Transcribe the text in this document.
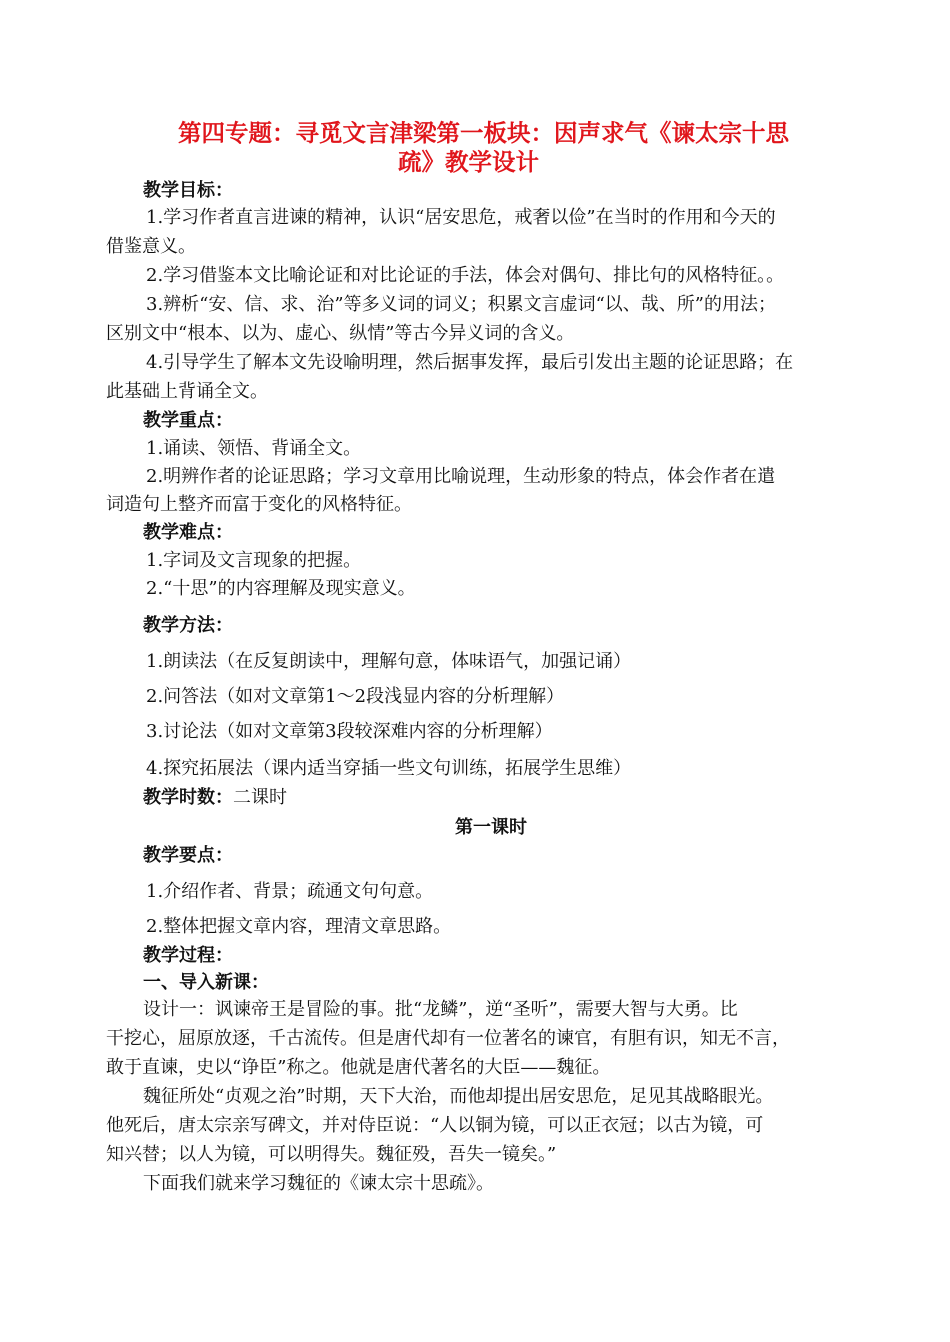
第四专题：寻觅文言津梁第一板块：因声求气《谏太宗十思
疏》教学设计
教学目标：
1.学习作者直言进谏的精神，认识“居安思危，戒奢以俭”在当时的作用和今天的
借鉴意义。
2.学习借鉴本文比喻论证和对比论证的手法，体会对偶句、排比句的风格特征。。
3.辨析“安、信、求、治”等多义词的词义；积累文言虚词“以、哉、所”的用法；
区别文中“根本、以为、虚心、纵情”等古今异义词的含义。
4.引导学生了解本文先设喻明理，然后据事发挥，最后引发出主题的论证思路；在
此基础上背诵全文。
教学重点：
1.诵读、领悟、背诵全文。
2.明辨作者的论证思路；学习文章用比喻说理，生动形象的特点，体会作者在遣
词造句上整齐而富于变化的风格特征。
教学难点：
1.字词及文言现象的把握。
2.“十思”的内容理解及现实意义。
教学方法：
1.朗读法（在反复朗读中，理解句意，体味语气，加强记诵）
2.问答法（如对文章第1～2段浅显内容的分析理解）
3.讨论法（如对文章第3段较深难内容的分析理解）
4.探究拓展法（课内适当穿插一些文句训练，拓展学生思维）
教学时数：二课时
第一课时
教学要点：
1.介绍作者、背景；疏通文句句意。
2.整体把握文章内容，理清文章思路。
教学过程：
一、导入新课：
设计一：讽谏帝王是冒险的事。批“龙鳞”，逆“圣听”，需要大智与大勇。比
干挖心，屈原放逐，千古流传。但是唐代却有一位著名的谏官，有胆有识，知无不言，
敢于直谏，史以“诤臣”称之。他就是唐代著名的大臣——魏征。
魏征所处“贞观之治”时期，天下大治，而他却提出居安思危，足见其战略眼光。
他死后，唐太宗亲写碑文，并对侍臣说：“人以铜为镜，可以正衣冠；以古为镜，可
知兴替；以人为镜，可以明得失。魏征殁，吾失一镜矣。”
下面我们就来学习魏征的《谏太宗十思疏》。
